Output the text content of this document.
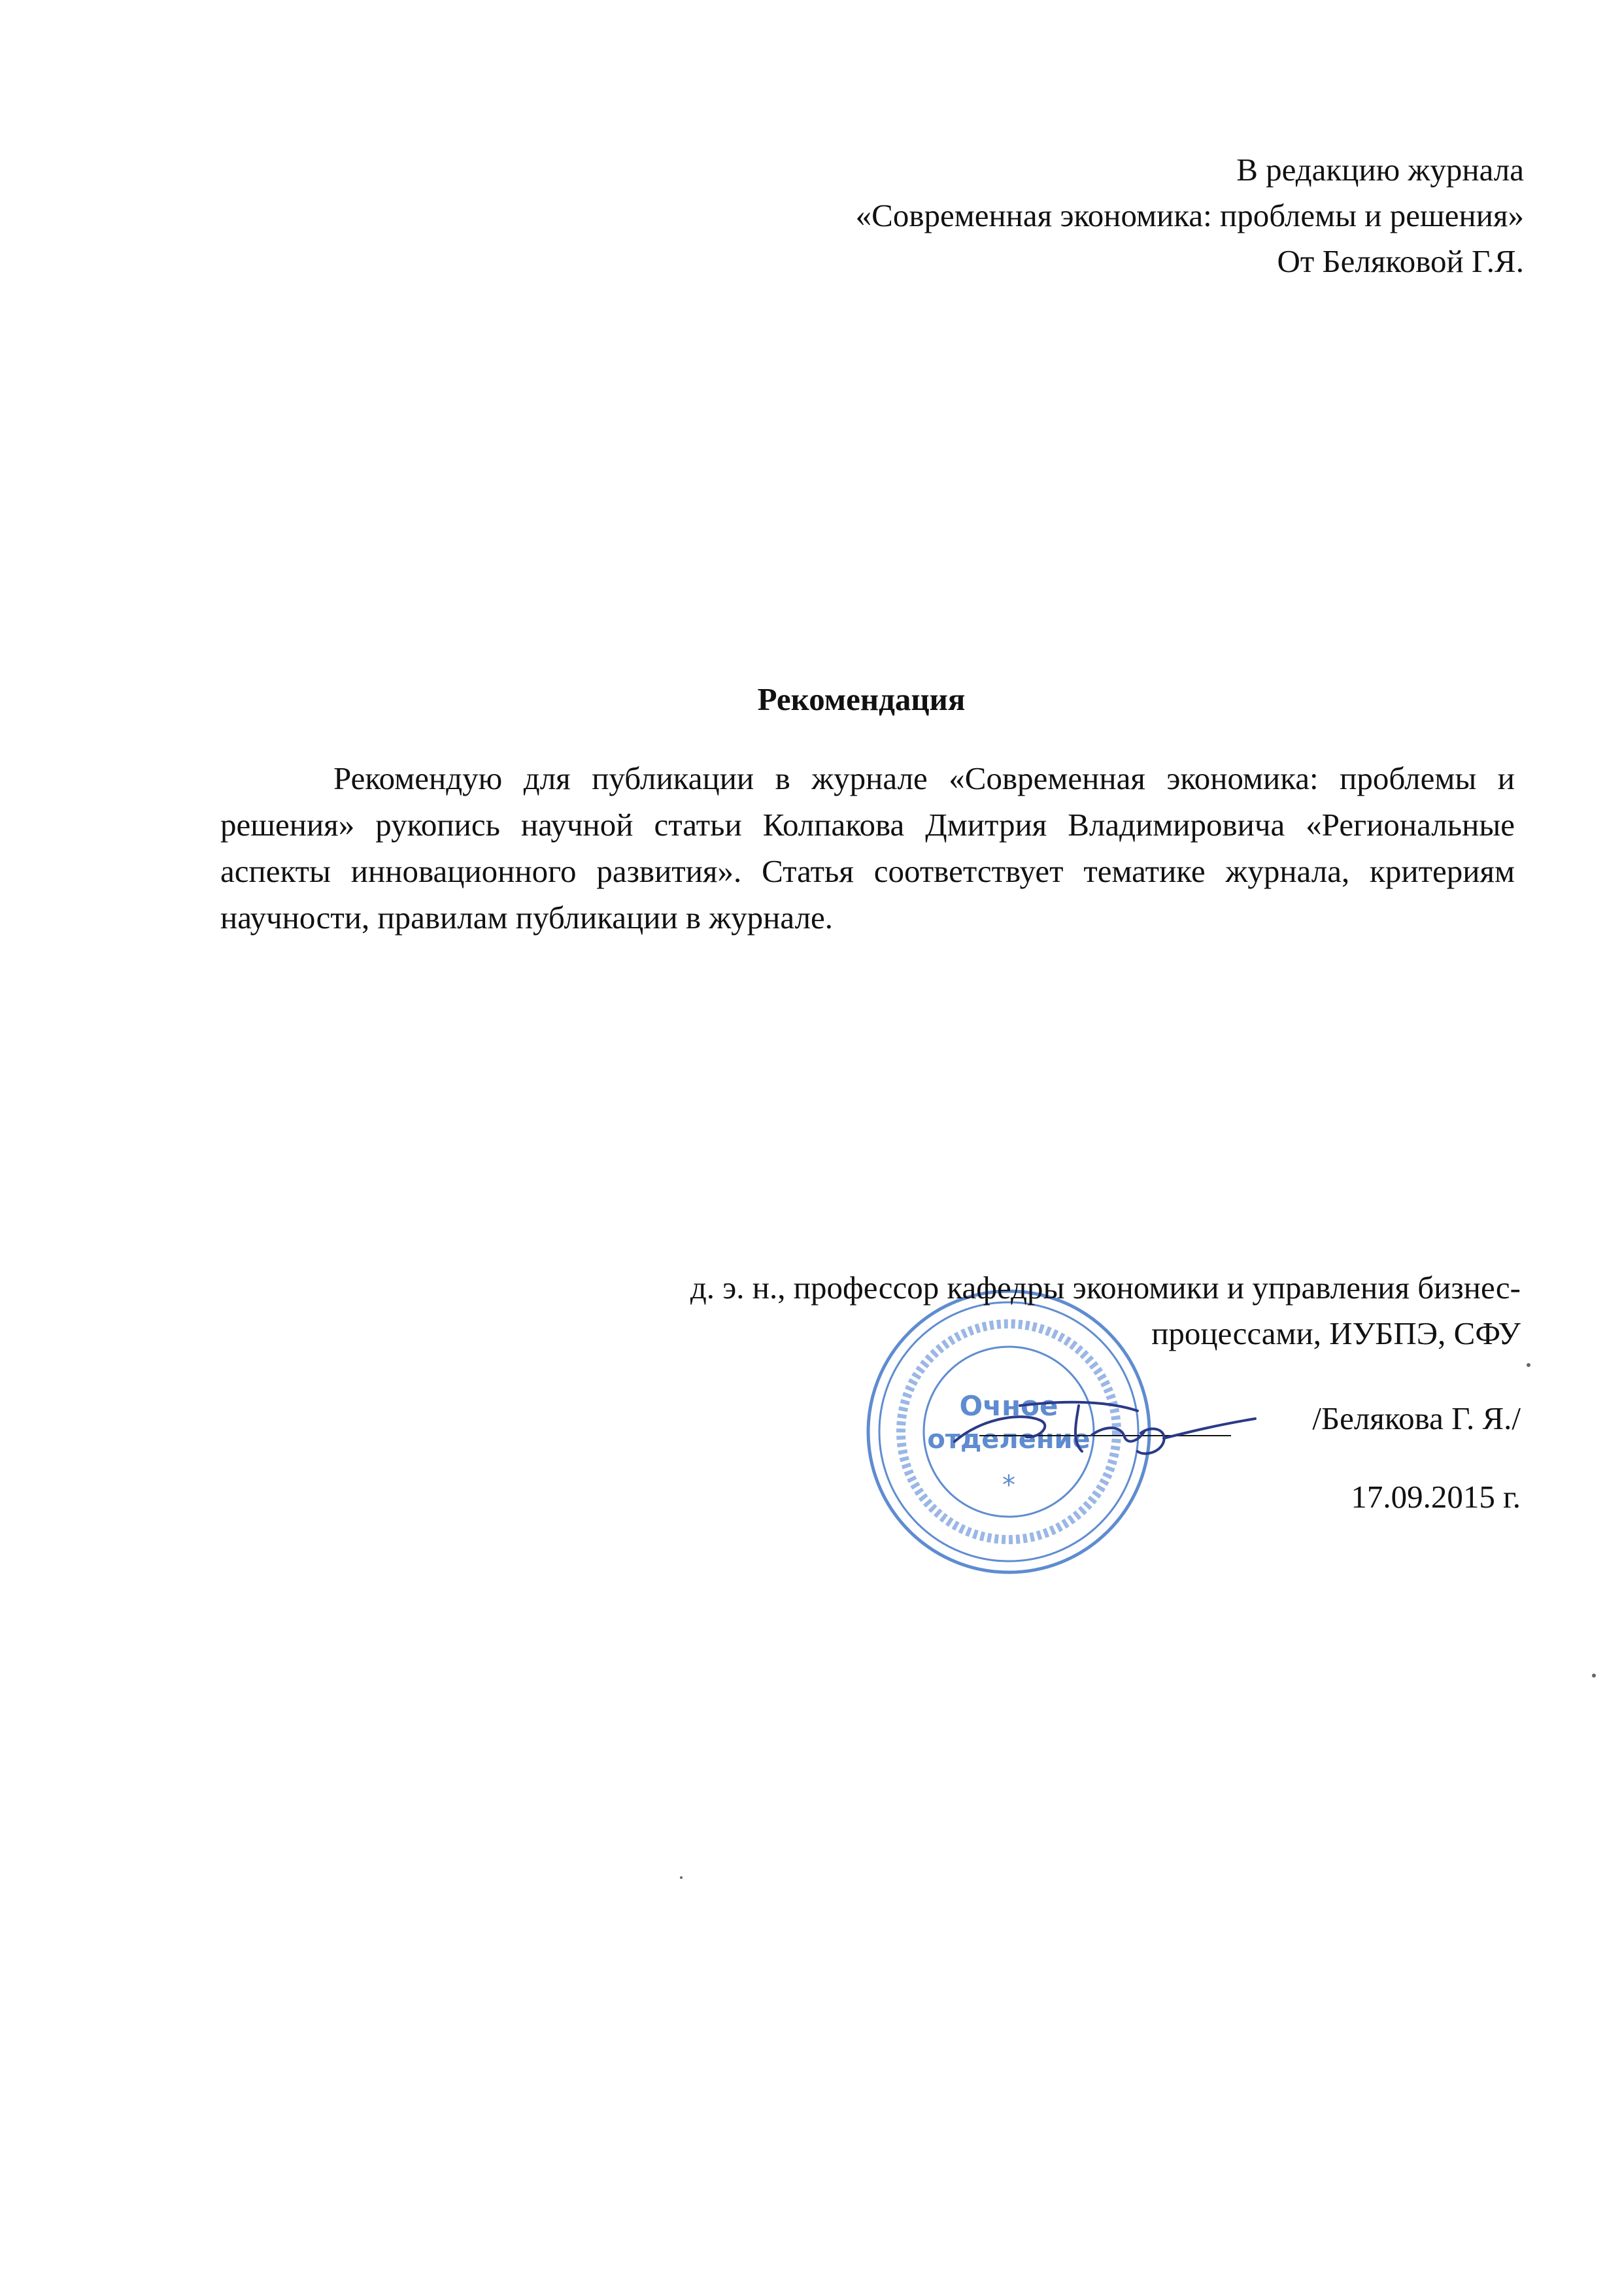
В редакцию журнала
«Современная экономика: проблемы и решения»
От Беляковой Г.Я.
Рекомендация

Рекомендую для публикации в журнале «Современная экономика: проблемы и решения» рукопись научной статьи Колпакова Дмитрия Владимировича «Региональные аспекты инновационного развития». Статья соответствует тематике журнала, критериям научности, правилам публикации в журнале.

Очное
отделение
*
д. э. н., профессор кафедры экономики и управления бизнес-
процессами, ИУБПЭ, СФУ
/Белякова Г. Я./
17.09.2015 г.
